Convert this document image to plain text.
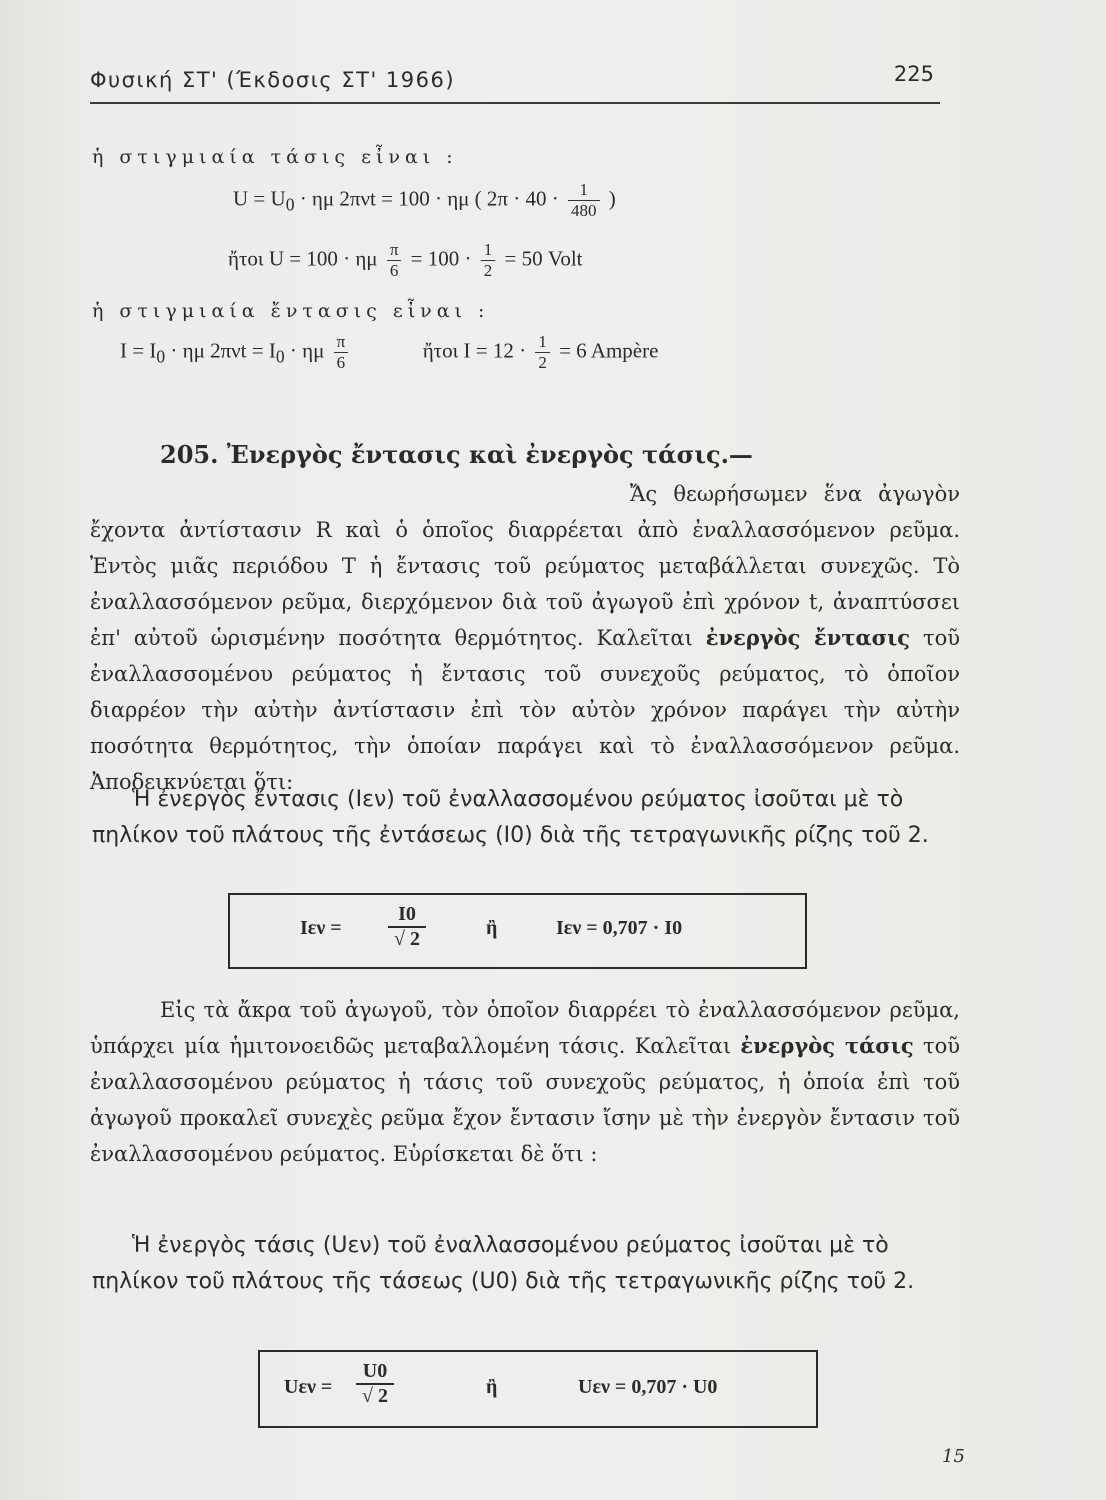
Φυσική ΣΤ' (Έκδοσις ΣΤ' 1966)	225
ἡ στιγμιαία τάσις εἶναι :
$U = U_0 \cdot \eta\mu$ 2πνt = 100 · ημ ( $2\pi \cdot 40 \cdot \frac{1}{480}$ )
ἤτοι U = 100 · ημ $\frac{\pi}{6} = 100 \cdot \frac{1}{2} = 50$ Volt
ἡ στιγμιαία ἔντασις εἶναι :
$I = I_0 \cdot \eta\mu$ $2\pi\nu t = I_0 \cdot \eta\mu \frac{\pi}{6}$	ἤτοι $I = 12 \cdot \frac{1}{2} = 6$ Ampère
205. Ἐνεργὸς ἔντασις καὶ ἐνεργὸς τάσις.—
Ἄς θεωρήσωμεν ἕνα ἀγωγὸν ἔχοντα ἀντίστασιν R καὶ ὁ ὁποῖος διαρρέεται ἀπὸ ἐναλλασσόμενον ρεῦμα. Ἐντὸς μιᾶς περιόδου T ἡ ἔντασις τοῦ ρεύματος μεταβάλλεται συνεχῶς. Τὸ ἐναλλασσόμενον ρεῦμα, διερχόμενον διὰ τοῦ ἀγωγοῦ ἐπὶ χρόνον t, ἀναπτύσσει ἐπ' αὐτοῦ ὡρισμένην ποσότητα θερμότητος. Καλεῖται ἐνεργὸς ἔντασις τοῦ ἐναλλασσομένου ρεύματος ἡ ἔντασις τοῦ συνεχοῦς ρεύματος, τὸ ὁποῖον διαρρέον τὴν αὐτὴν ἀντίστασιν ἐπὶ τὸν αὐτὸν χρόνον παράγει τὴν αὐτὴν ποσότητα θερμότητος, τὴν ὁποίαν παράγει καὶ τὸ ἐναλλασσόμενον ρεῦμα. Ἀποδεικνύεται ὅτι:
Ἡ ἐνεργὸς ἔντασις (Iεν) τοῦ ἐναλλασσομένου ρεύματος ἰσοῦται μὲ τὸ πηλίκον τοῦ πλάτους τῆς ἐντάσεως (I0) διὰ τῆς τετραγωνικῆς ρίζης τοῦ 2.
$I\varepsilon\nu = \frac{I0}{√ 2}$	ἢ	Iεν = 0,707 · I0
Εἰς τὰ ἄκρα τοῦ ἀγωγοῦ, τὸν ὁποῖον διαρρέει τὸ ἐναλλασσόμενον ρεῦμα, ὑπάρχει μία ἡμιτονοειδῶς μεταβαλλομένη τάσις. Καλεῖται ἐνεργὸς τάσις τοῦ ἐναλλασσομένου ρεύματος ἡ τάσις τοῦ συνεχοῦς ρεύματος, ἡ ὁποία ἐπὶ τοῦ ἀγωγοῦ προκαλεῖ συνεχὲς ρεῦμα ἔχον ἔντασιν ἴσην μὲ τὴν ἐνεργὸν ἔντασιν τοῦ ἐναλλασσομένου ρεύματος. Εὑρίσκεται δὲ ὅτι :
Ἡ ἐνεργὸς τάσις (Uεν) τοῦ ἐναλλασσομένου ρεύματος ἰσοῦται μὲ τὸ πηλίκον τοῦ πλάτους τῆς τάσεως (U0) διὰ τῆς τετραγωνικῆς ρίζης τοῦ 2.
$U\varepsilon\nu = \frac{U0}{√ 2}$	ἢ	Uεν = 0,707 · U0
15
